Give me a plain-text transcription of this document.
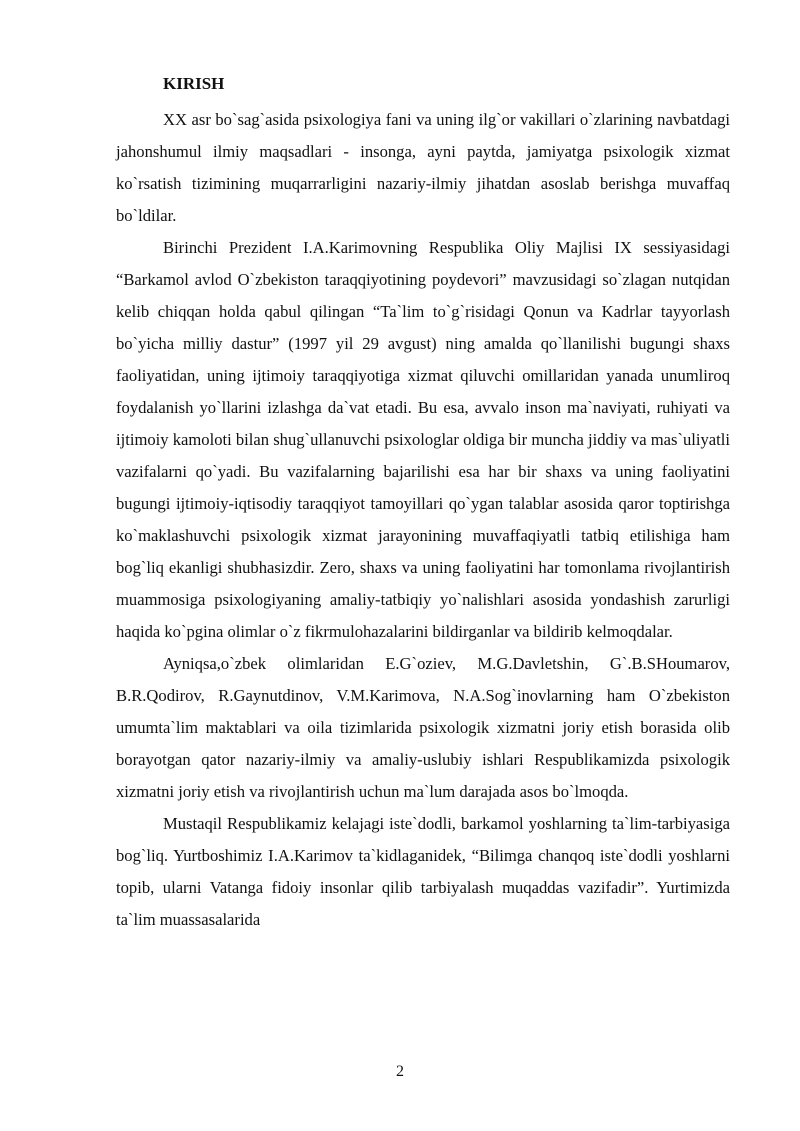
KIRISH

XX asr bo`sag`asida psixologiya fani va uning ilg`or vakillari o`zlarining navbatdagi jahonshumul ilmiy maqsadlari - insonga, ayni paytda, jamiyatga psixologik xizmat ko`rsatish tizimining muqarrarligini nazariy-ilmiy jihatdan asoslab berishga muvaffaq bo`ldilar.

Birinchi Prezident I.A.Karimovning Respublika Oliy Majlisi IX sessiyasidagi “Barkamol avlod O`zbekiston taraqqiyotining poydevori” mavzusidagi so`zlagan nutqidan kelib chiqqan holda qabul qilingan “Ta`lim to`g`risidagi Qonun va Kadrlar tayyorlash bo`yicha milliy dastur” (1997 yil 29 avgust) ning amalda qo`llanilishi bugungi shaxs faoliyatidan, uning ijtimoiy taraqqiyotiga xizmat qiluvchi omillaridan yanada unumliroq foydalanish yo`llarini izlashga da`vat etadi. Bu esa, avvalo inson ma`naviyati, ruhiyati va ijtimoiy kamoloti bilan shug`ullanuvchi psixologlar oldiga bir muncha jiddiy va mas`uliyatli vazifalarni qo`yadi. Bu vazifalarning bajarilishi esa har bir shaxs va uning faoliyatini bugungi ijtimoiy-iqtisodiy taraqqiyot tamoyillari qo`ygan talablar asosida qaror toptirishga ko`maklashuvchi psixologik xizmat jarayonining muvaffaqiyatli tatbiq etilishiga ham bog`liq ekanligi shubhasizdir. Zero, shaxs va uning faoliyatini har tomonlama rivojlantirish muammosiga psixologiyaning amaliy-tatbiqiy yo`nalishlari asosida yondashish zarurligi haqida ko`pgina olimlar o`z fikrmulohazalarini bildirganlar va bildirib kelmoqdalar.

Ayniqsa,o`zbek olimlaridan E.G`oziev, M.G.Davletshin, G`.B.SHoumarov, B.R.Qodirov, R.Gaynutdinov, V.M.Karimova, N.A.Sog`inovlarning ham O`zbekiston umumta`lim maktablari va oila tizimlarida psixologik xizmatni joriy etish borasida olib borayotgan qator nazariy-ilmiy va amaliy-uslubiy ishlari Respublikamizda psixologik xizmatni joriy etish va rivojlantirish uchun ma`lum darajada asos bo`lmoqda.

Mustaqil Respublikamiz kelajagi iste`dodli, barkamol yoshlarning ta`lim-tarbiyasiga bog`liq. Yurtboshimiz I.A.Karimov ta`kidlaganidek, “Bilimga chanqoq iste`dodli yoshlarni topib, ularni Vatanga fidoiy insonlar qilib tarbiyalash muqaddas vazifadir”. Yurtimizda ta`lim muassasalarida

2
